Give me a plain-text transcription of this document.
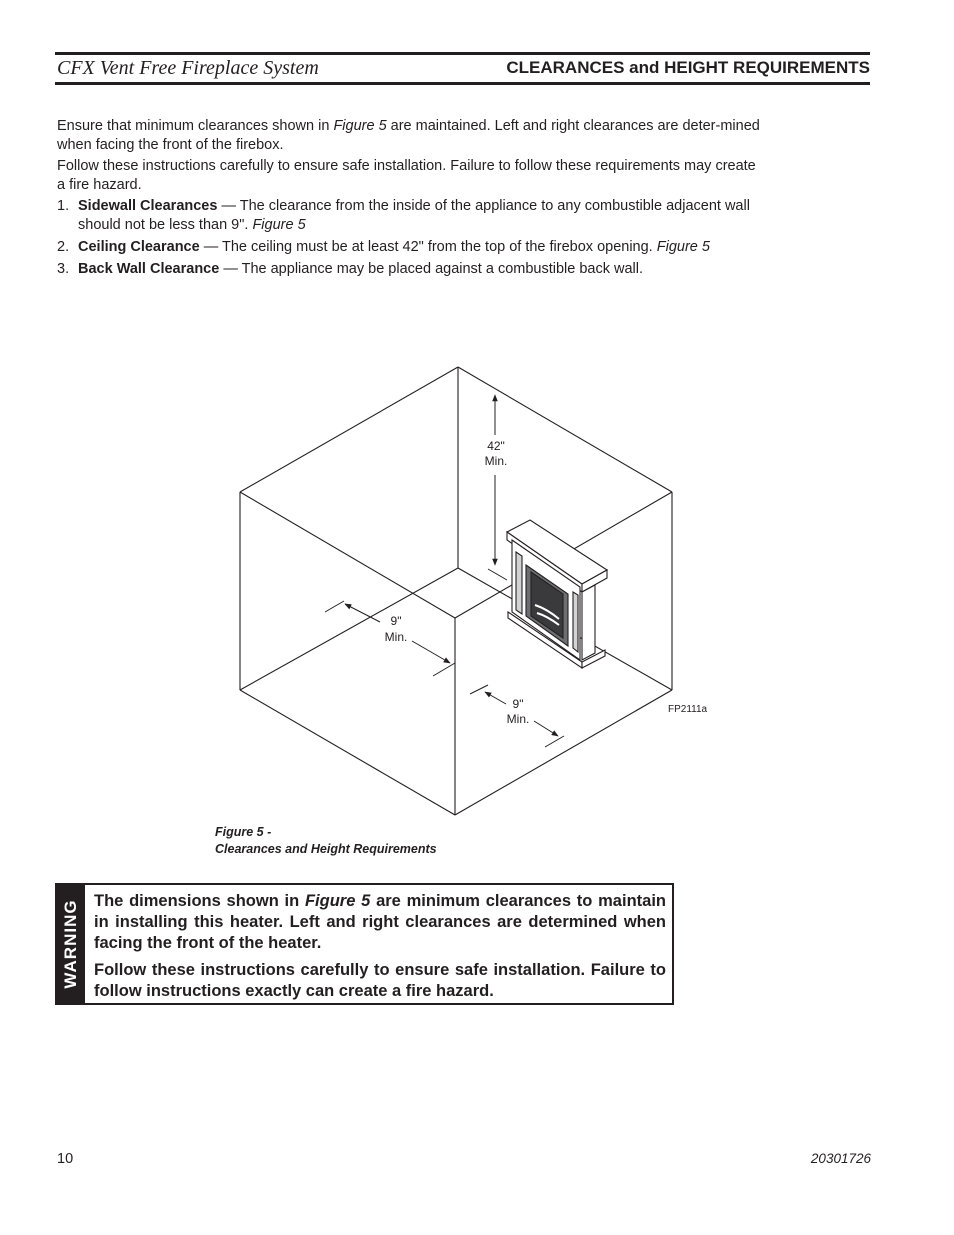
CFX Vent Free Fireplace System	CLEARANCES and HEIGHT REQUIREMENTS

Ensure that minimum clearances shown in Figure 5 are maintained. Left and right clearances are deter-mined when facing the front of the firebox.

Follow these instructions carefully to ensure safe installation. Failure to follow these requirements may create a fire hazard.

1. Sidewall Clearances — The clearance from the inside of the appliance to any combustible adjacent wall should not be less than 9". Figure 5
2. Ceiling Clearance — The ceiling must be at least 42" from the top of the firebox opening. Figure 5
3. Back Wall Clearance — The appliance may be placed against a combustible back wall.
42"
Min.
9"
Min.
9"
Min.
FP2111a
Figure 5 -
Clearances and Height Requirements
WARNING The dimensions shown in Figure 5 are minimum clearances to maintain in installing this heater. Left and right clearances are determined when facing the front of the heater.

Follow these instructions carefully to ensure safe installation. Failure to follow instructions exactly can create a fire hazard.

10	20301726
